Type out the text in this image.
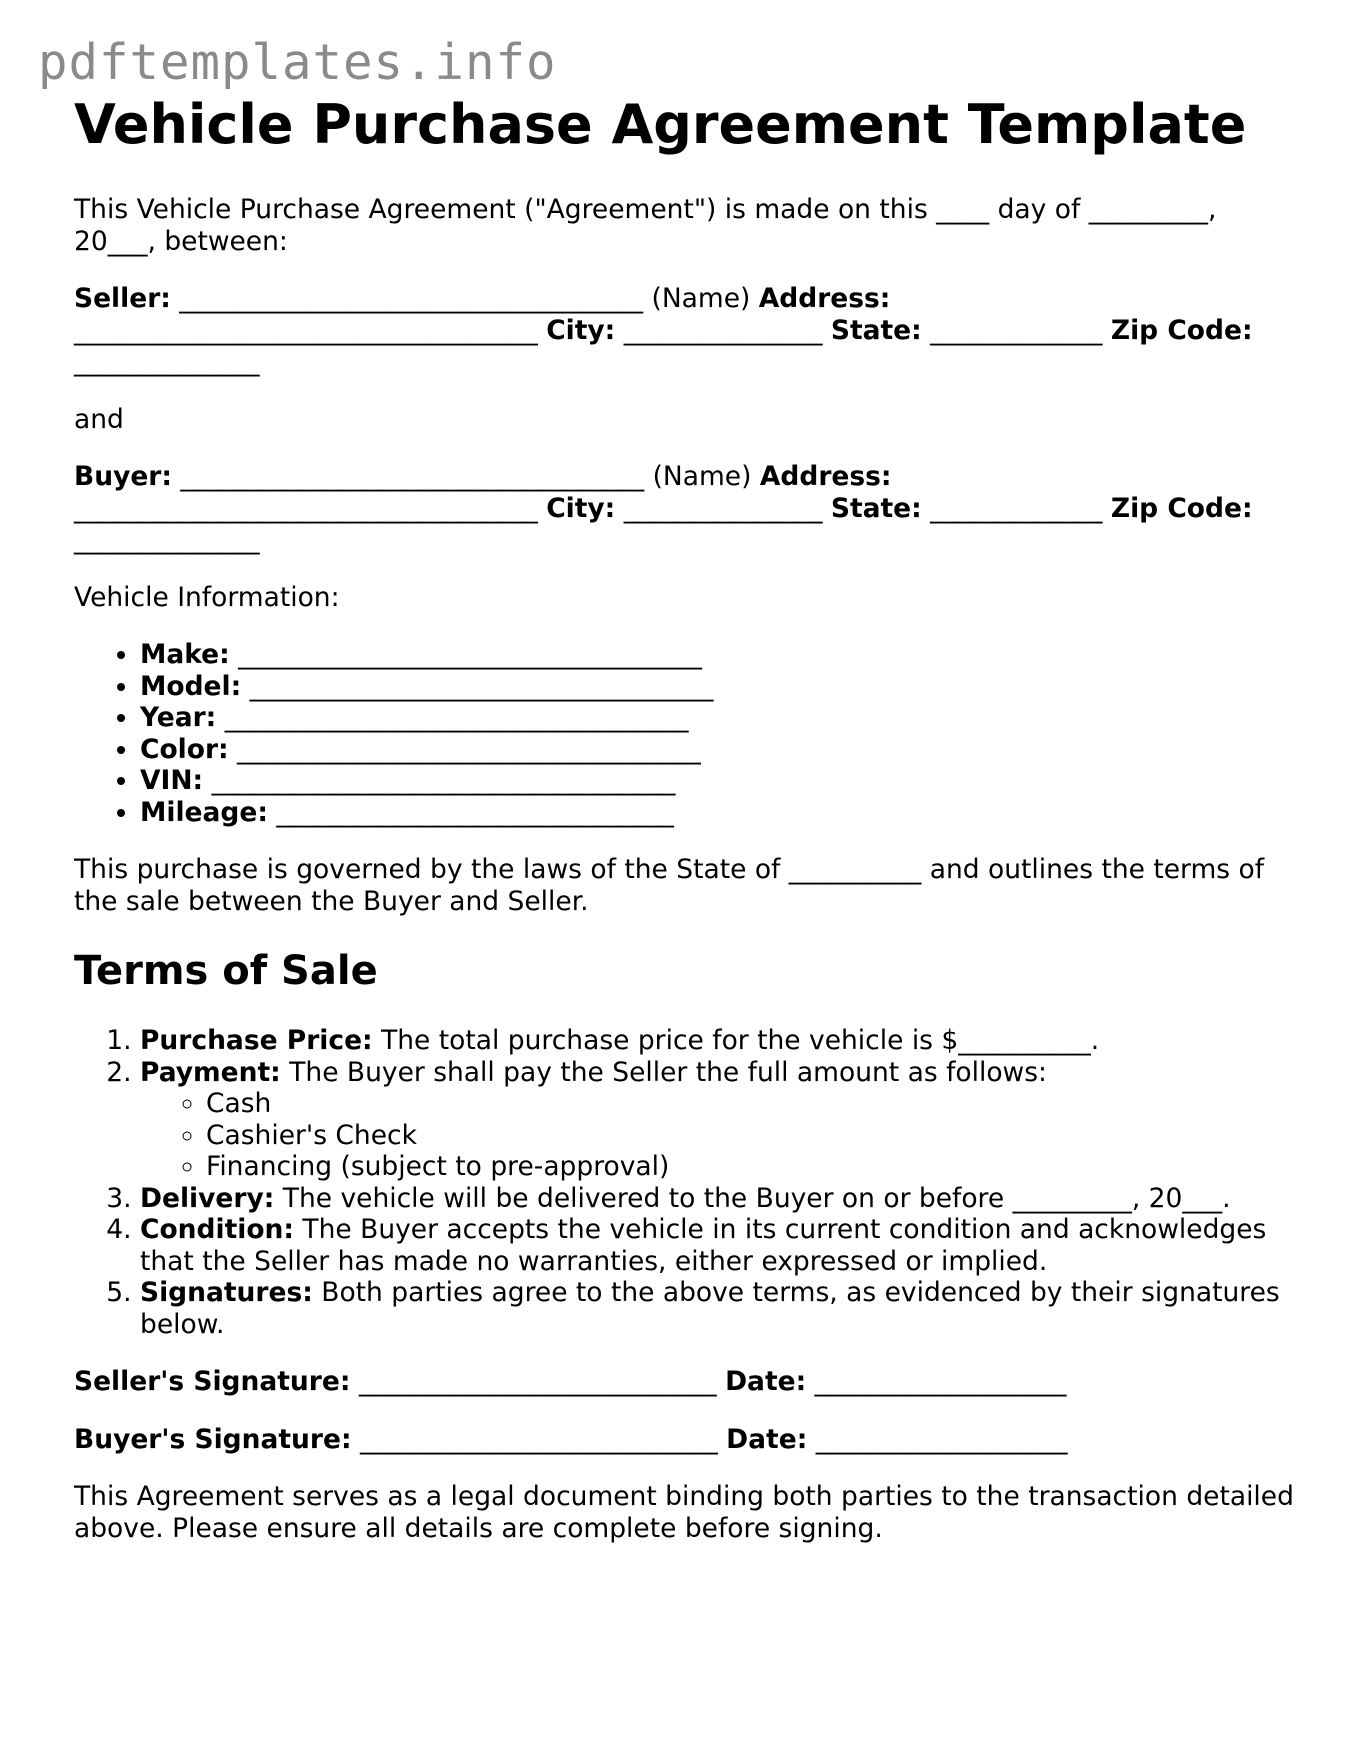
pdftemplates.info
Vehicle Purchase Agreement Template

This Vehicle Purchase Agreement ("Agreement") is made on this ____ day of _________, 20___, between:

Seller: ___________________________________ (Name) Address: ___________________________________ City: _______________ State: _____________ Zip Code: ______________

and

Buyer: ___________________________________ (Name) Address: ___________________________________ City: _______________ State: _____________ Zip Code: ______________

Vehicle Information:

• Make: ___________________________________
• Model: ___________________________________
• Year: ___________________________________
• Color: ___________________________________
• VIN: ___________________________________
• Mileage: ______________________________

This purchase is governed by the laws of the State of __________ and outlines the terms of the sale between the Buyer and Seller.

Terms of Sale
1. Purchase Price: The total purchase price for the vehicle is $__________.
2. Payment: The Buyer shall pay the Seller the full amount as follows:
◦ Cash
◦ Cashier's Check
◦ Financing (subject to pre-approval)
3. Delivery: The vehicle will be delivered to the Buyer on or before _________, 20___.
4. Condition: The Buyer accepts the vehicle in its current condition and acknowledges that the Seller has made no warranties, either expressed or implied.
5. Signatures: Both parties agree to the above terms, as evidenced by their signatures below.

Seller's Signature: ___________________________ Date: ___________________

Buyer's Signature: ___________________________ Date: ___________________

This Agreement serves as a legal document binding both parties to the transaction detailed above. Please ensure all details are complete before signing.
